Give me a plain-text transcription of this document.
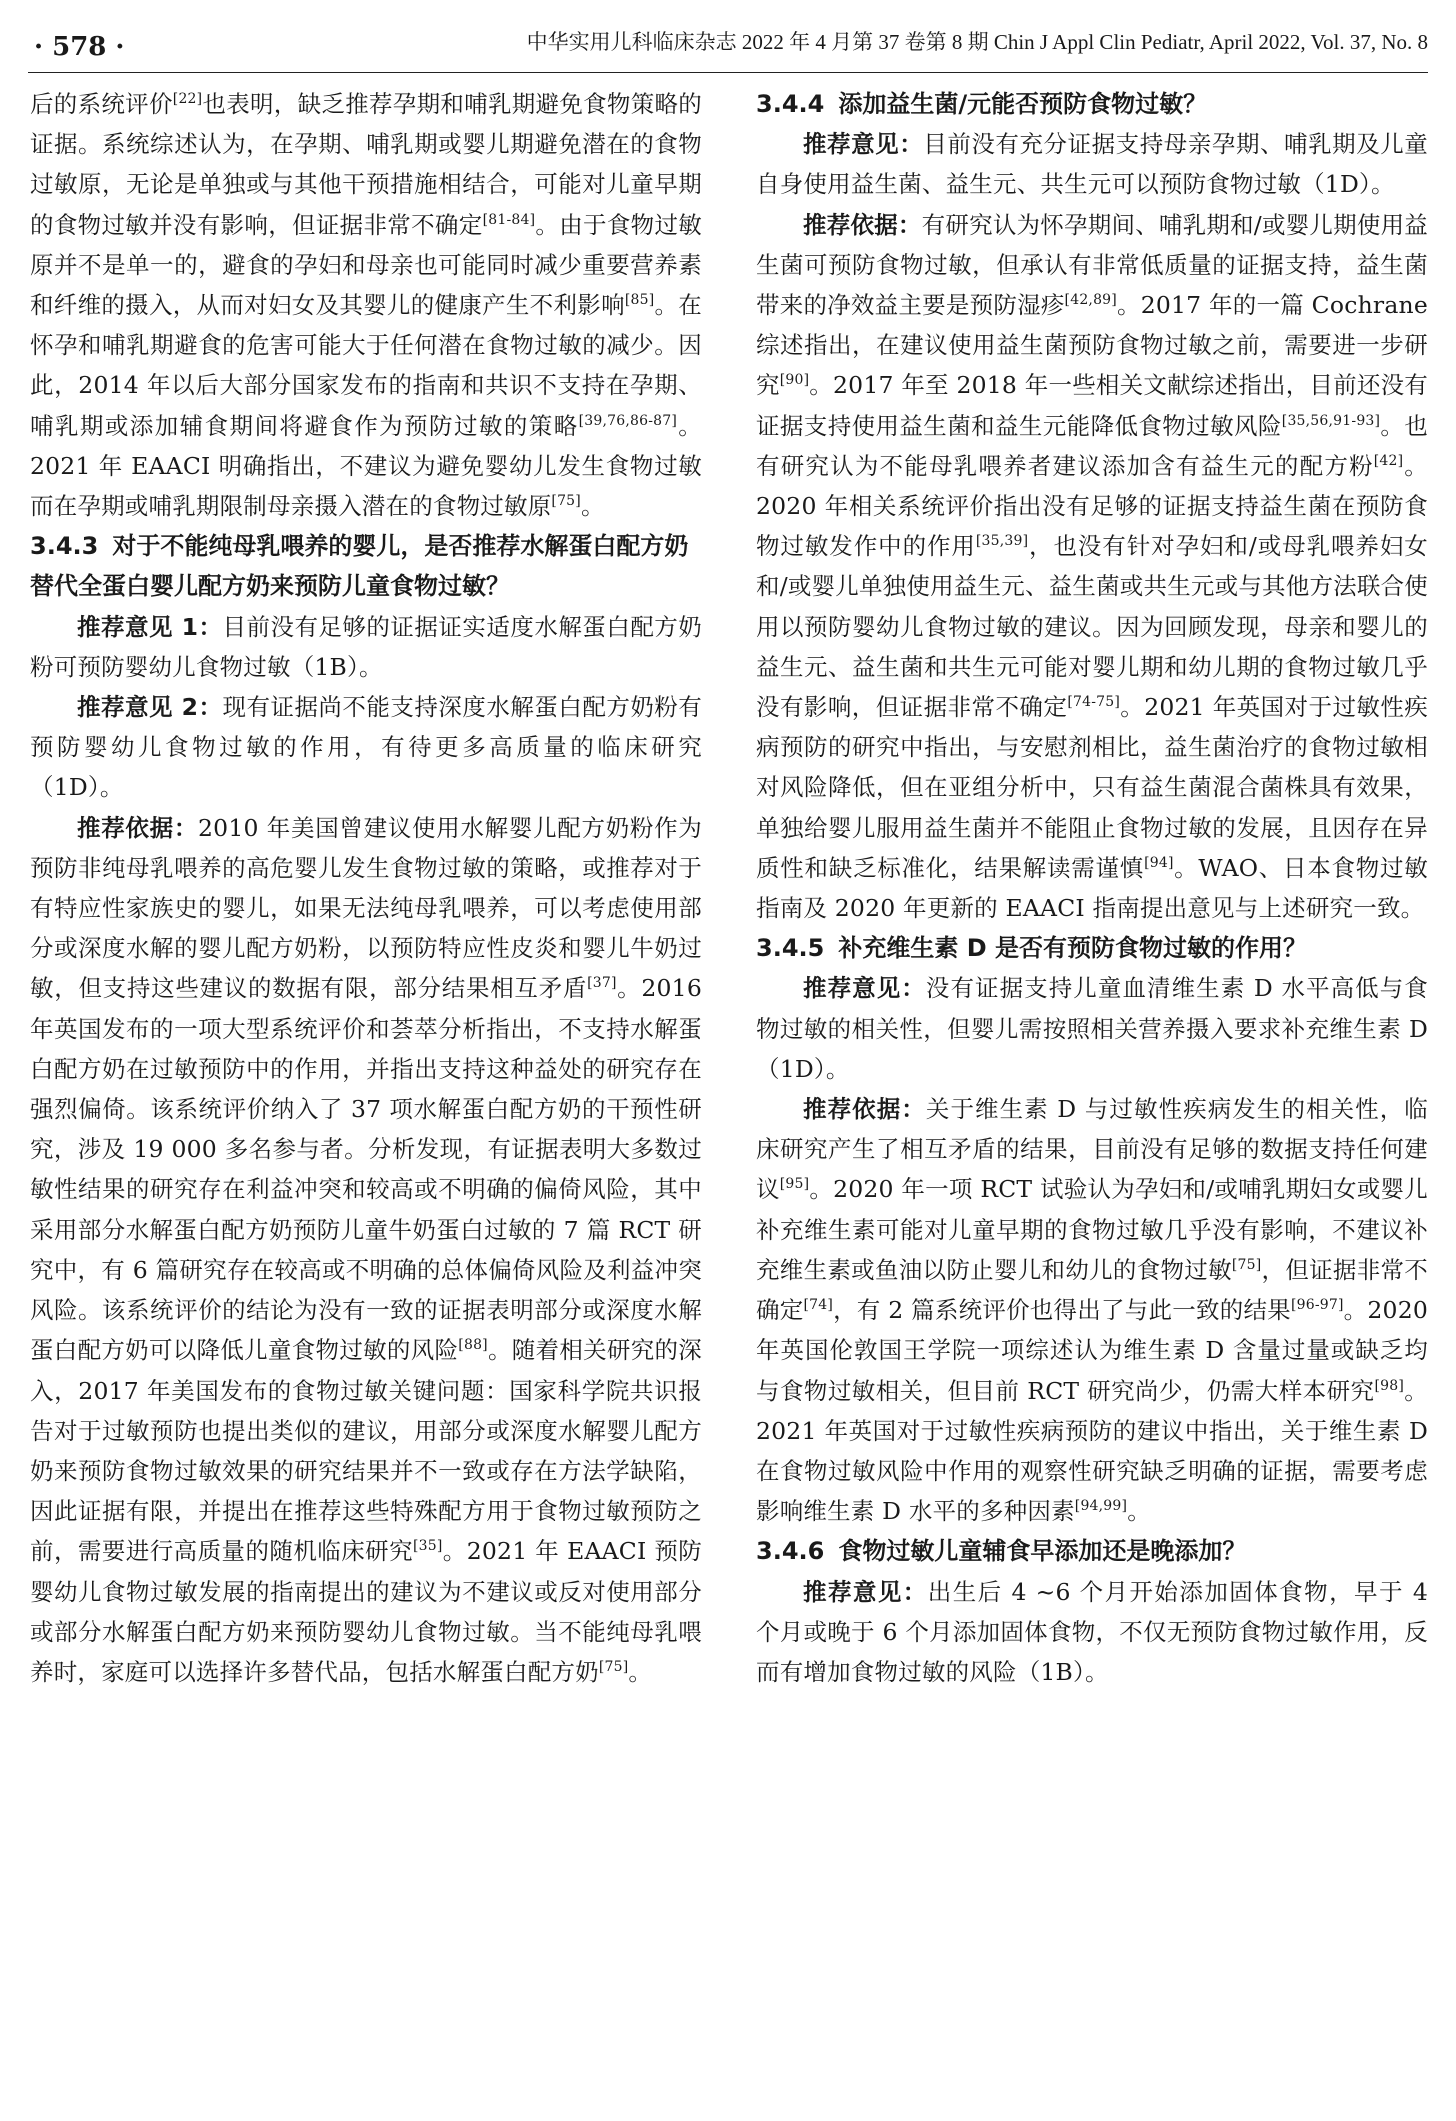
· 578 ·	中华实用儿科临床杂志 2022 年 4 月第 37 卷第 8 期 Chin J Appl Clin Pediatr, April 2022, Vol. 37, No. 8

后的系统评价[22]也表明，缺乏推荐孕期和哺乳期避免食物策略的证据。系统综述认为，在孕期、哺乳期或婴儿期避免潜在的食物过敏原，无论是单独或与其他干预措施相结合，可能对儿童早期的食物过敏并没有影响，但证据非常不确定[81-84]。由于食物过敏原并不是单一的，避食的孕妇和母亲也可能同时减少重要营养素和纤维的摄入，从而对妇女及其婴儿的健康产生不利影响[85]。在怀孕和哺乳期避食的危害可能大于任何潜在食物过敏的减少。因此，2014 年以后大部分国家发布的指南和共识不支持在孕期、哺乳期或添加辅食期间将避食作为预防过敏的策略[39,76,86-87]。2021 年 EAACI 明确指出，不建议为避免婴幼儿发生食物过敏而在孕期或哺乳期限制母亲摄入潜在的食物过敏原[75]。

3.4.3 对于不能纯母乳喂养的婴儿，是否推荐水解蛋白配方奶替代全蛋白婴儿配方奶来预防儿童食物过敏？

推荐意见 1：目前没有足够的证据证实适度水解蛋白配方奶粉可预防婴幼儿食物过敏（1B）。

推荐意见 2：现有证据尚不能支持深度水解蛋白配方奶粉有预防婴幼儿食物过敏的作用，有待更多高质量的临床研究（1D）。

推荐依据：2010 年美国曾建议使用水解婴儿配方奶粉作为预防非纯母乳喂养的高危婴儿发生食物过敏的策略，或推荐对于有特应性家族史的婴儿，如果无法纯母乳喂养，可以考虑使用部分或深度水解的婴儿配方奶粉，以预防特应性皮炎和婴儿牛奶过敏，但支持这些建议的数据有限，部分结果相互矛盾[37]。2016 年英国发布的一项大型系统评价和荟萃分析指出，不支持水解蛋白配方奶在过敏预防中的作用，并指出支持这种益处的研究存在强烈偏倚。该系统评价纳入了 37 项水解蛋白配方奶的干预性研究，涉及 19 000 多名参与者。分析发现，有证据表明大多数过敏性结果的研究存在利益冲突和较高或不明确的偏倚风险，其中采用部分水解蛋白配方奶预防儿童牛奶蛋白过敏的 7 篇 RCT 研究中，有 6 篇研究存在较高或不明确的总体偏倚风险及利益冲突风险。该系统评价的结论为没有一致的证据表明部分或深度水解蛋白配方奶可以降低儿童食物过敏的风险[88]。随着相关研究的深入，2017 年美国发布的食物过敏关键问题：国家科学院共识报告对于过敏预防也提出类似的建议，用部分或深度水解婴儿配方奶来预防食物过敏效果的研究结果并不一致或存在方法学缺陷，因此证据有限，并提出在推荐这些特殊配方用于食物过敏预防之前，需要进行高质量的随机临床研究[35]。2021 年 EAACI 预防婴幼儿食物过敏发展的指南提出的建议为不建议或反对使用部分或部分水解蛋白配方奶来预防婴幼儿食物过敏。当不能纯母乳喂养时，家庭可以选择许多替代品，包括水解蛋白配方奶[75]。

3.4.4 添加益生菌/元能否预防食物过敏？

推荐意见：目前没有充分证据支持母亲孕期、哺乳期及儿童自身使用益生菌、益生元、共生元可以预防食物过敏（1D）。

推荐依据：有研究认为怀孕期间、哺乳期和/或婴儿期使用益生菌可预防食物过敏，但承认有非常低质量的证据支持，益生菌带来的净效益主要是预防湿疹[42,89]。2017 年的一篇 Cochrane 综述指出，在建议使用益生菌预防食物过敏之前，需要进一步研究[90]。2017 年至 2018 年一些相关文献综述指出，目前还没有证据支持使用益生菌和益生元能降低食物过敏风险[35,56,91-93]。也有研究认为不能母乳喂养者建议添加含有益生元的配方粉[42]。2020 年相关系统评价指出没有足够的证据支持益生菌在预防食物过敏发作中的作用[35,39]，也没有针对孕妇和/或母乳喂养妇女和/或婴儿单独使用益生元、益生菌或共生元或与其他方法联合使用以预防婴幼儿食物过敏的建议。因为回顾发现，母亲和婴儿的益生元、益生菌和共生元可能对婴儿期和幼儿期的食物过敏几乎没有影响，但证据非常不确定[74-75]。2021 年英国对于过敏性疾病预防的研究中指出，与安慰剂相比，益生菌治疗的食物过敏相对风险降低，但在亚组分析中，只有益生菌混合菌株具有效果，单独给婴儿服用益生菌并不能阻止食物过敏的发展，且因存在异质性和缺乏标准化，结果解读需谨慎[94]。WAO、日本食物过敏指南及 2020 年更新的 EAACI 指南提出意见与上述研究一致。

3.4.5 补充维生素 D 是否有预防食物过敏的作用？

推荐意见：没有证据支持儿童血清维生素 D 水平高低与食物过敏的相关性，但婴儿需按照相关营养摄入要求补充维生素 D（1D）。

推荐依据：关于维生素 D 与过敏性疾病发生的相关性，临床研究产生了相互矛盾的结果，目前没有足够的数据支持任何建议[95]。2020 年一项 RCT 试验认为孕妇和/或哺乳期妇女或婴儿补充维生素可能对儿童早期的食物过敏几乎没有影响，不建议补充维生素或鱼油以防止婴儿和幼儿的食物过敏[75]，但证据非常不确定[74]，有 2 篇系统评价也得出了与此一致的结果[96-97]。2020 年英国伦敦国王学院一项综述认为维生素 D 含量过量或缺乏均与食物过敏相关，但目前 RCT 研究尚少，仍需大样本研究[98]。2021 年英国对于过敏性疾病预防的建议中指出，关于维生素 D 在食物过敏风险中作用的观察性研究缺乏明确的证据，需要考虑影响维生素 D 水平的多种因素[94,99]。

3.4.6 食物过敏儿童辅食早添加还是晚添加？

推荐意见：出生后 4 ~6 个月开始添加固体食物，早于 4 个月或晚于 6 个月添加固体食物，不仅无预防食物过敏作用，反而有增加食物过敏的风险（1B）。
